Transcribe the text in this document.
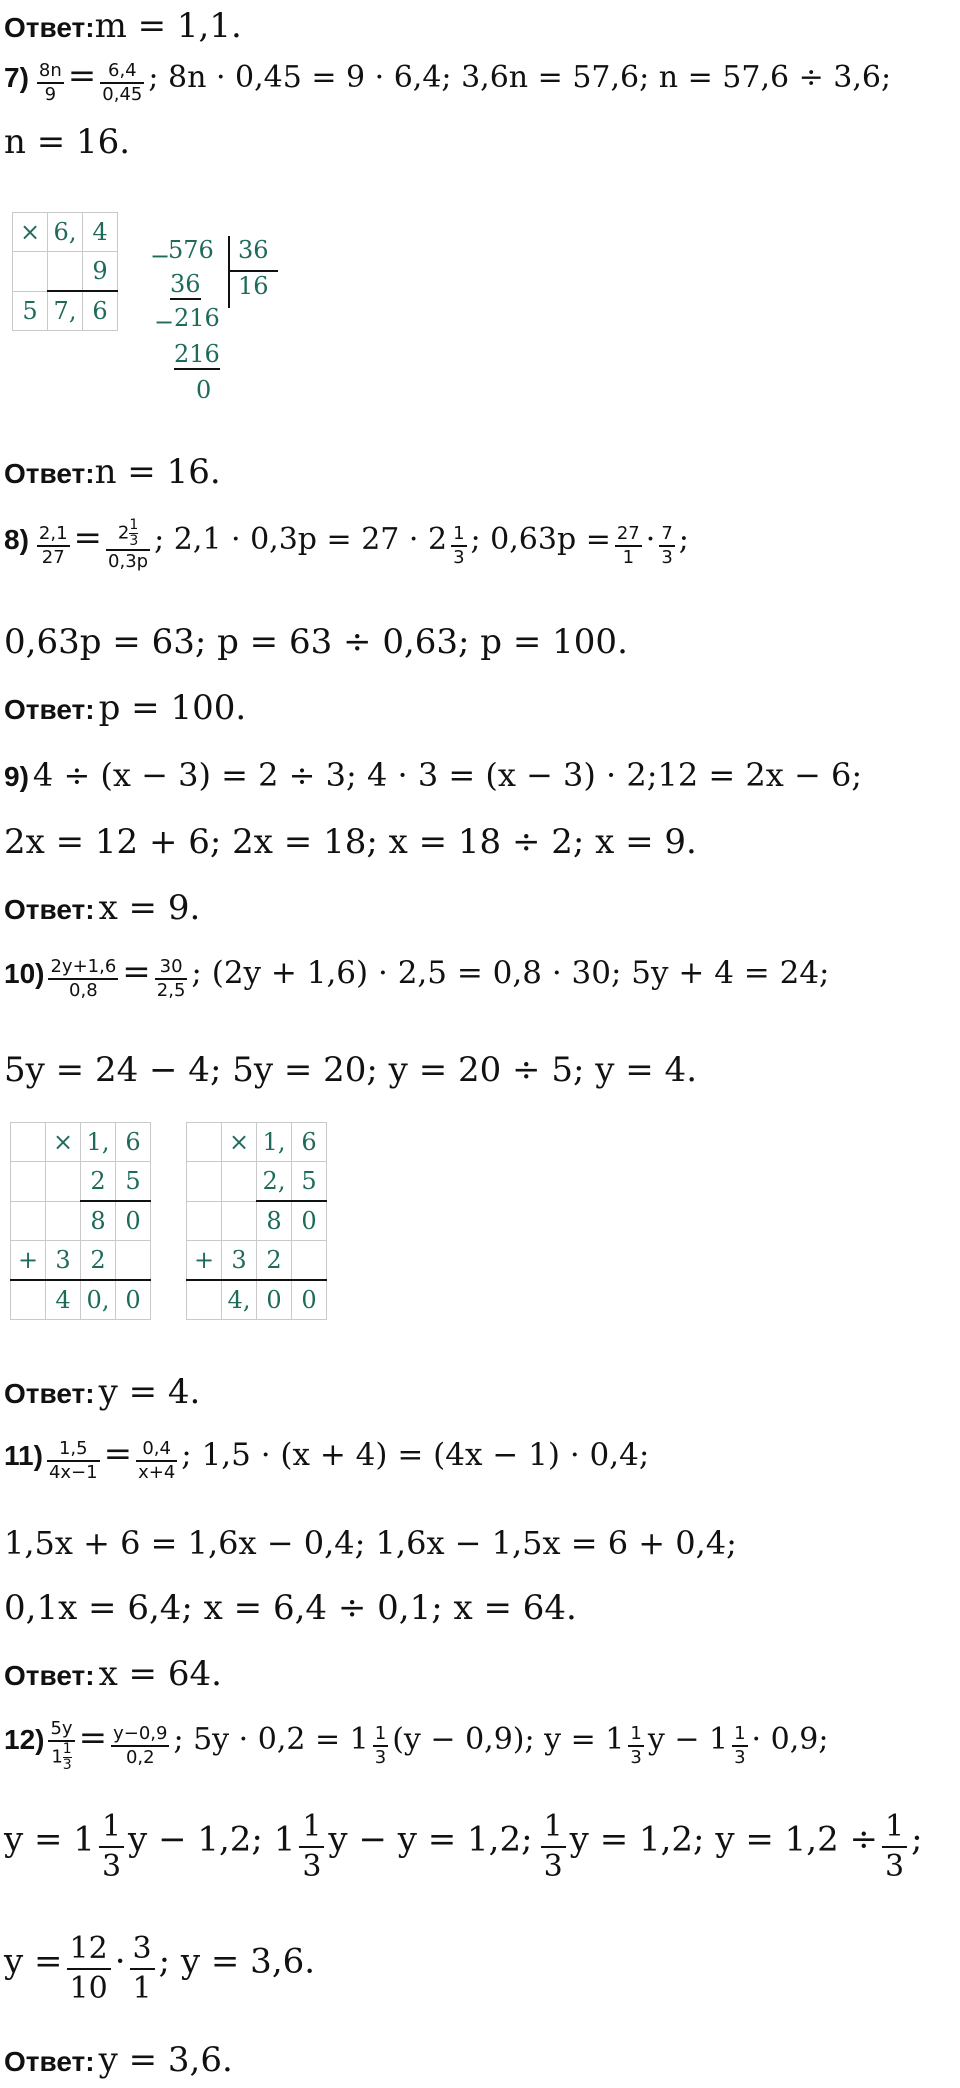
Ответ:m = 1,1.
$7) \frac{8n}{9} = \frac{6,4}{0,45}$ ; 8n · 0,45 = 9 · 6,4; 3,6n = 57,6; n = 57,6 ÷ 3,6;
n = 16.
×	6,	4
		9
5	7,	6
−
576 36
16
36
− 216
216
0
Ответ:n = 16.
$8) \frac{2,1}{27} = \frac{2 \frac{1}{3}}{0,3p}$ ; $2,1 \cdot 0,3p = 27 \cdot 2 \frac{1}{3}$ ; $0,63p = \frac{27}{1} \cdot \frac{7}{3}$ ;
0,63p = 63; p = 63 ÷ 0,63; p = 100.
Ответ: p = 100.
9) 4 ÷ (x − 3) = 2 ÷ 3; 4 · 3 = (x − 3) · 2;12 = 2x − 6;
2x = 12 + 6; 2x = 18; x = 18 ÷ 2; x = 9.
Ответ: x = 9.
$10) \frac{2y+1,6}{0,8} = \frac{30}{2,5}$ ; (2y + 1,6) · 2,5 = 0,8 · 30; 5y + 4 = 24;
5y = 24 − 4; 5y = 20; y = 20 ÷ 5; y = 4.
	×	1,	6
		2	5
		8	0
+	3	2	
	4	0,	0
	×	1,	6
		2,	5
		8	0
+	3	2	
	4,	0	0
Ответ: y = 4.
$11) \frac{1,5}{4x-1} = \frac{0,4}{x+4}$ ; 1,5 · (x + 4) = (4x − 1) · 0,4;
1,5x + 6 = 1,6x − 0,4; 1,6x − 1,5x = 6 + 0,4;
0,1x = 6,4; x = 6,4 ÷ 0,1; x = 64.
Ответ: x = 64.
$12) \frac{5y}{1 \frac{1}{3}} = \frac{y-0,9}{0,2}$ ; $5y \cdot 0,2 = 1 \frac{1}{3} (y - 0,9)$; $y = 1 \frac{1}{3}$ $y - 1 \frac{1}{3} \cdot 0,9$;
$y = 1 \frac{1}{3}$ y − 1,2; $1 \frac{1}{3}$ y − y = 1,2; $\frac{1}{3}$ y = 1,2; $y = 1,2 \div \frac{1}{3}$ ;
$y = \frac{12}{10} \cdot \frac{3}{1}$ ; y = 3,6.
Ответ: y = 3,6.
